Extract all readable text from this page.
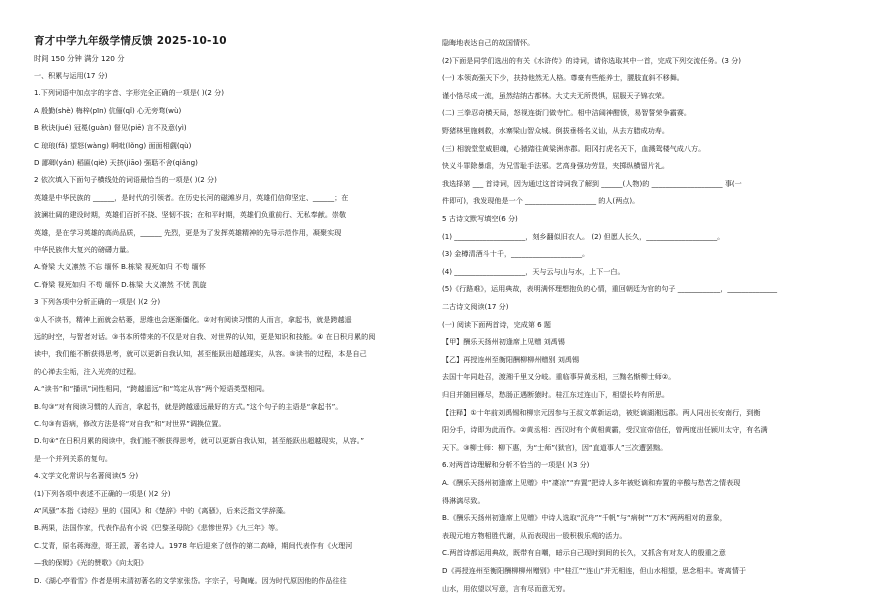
育才中学九年级学情反馈 2025-10-10
时间 150 分钟 满分 120 分
一、积累与运用(17 分)
1.下列词语中加点字的字音、字形完全正确的一项是( )(2 分)
A 殷勤(shè) 梅梓(pīn) 伉俪(qǐ) 心无旁骛(wù)
B 秋诀(jué) 冠冕(guàn) 督见(piē) 言不及意(yì)
C 琼琅(fǎ) 望怒(wàng) 啊吡(lǒng) 面面相觑(qù)
D 鄙卿(yán) 稻匾(qiè) 天挤(jiāo) 强聒不舍(qiǎng)
2 依次填入下面句子横线处的词语最恰当的一项是( )(2 分)
英雄是中华民族的 ______，是时代的引领者。在历史长河的磁滩岁月，英雄们信仰坚定、______；在
波澜壮阔的建设时期，英雄们百折不挠、坚韧不拔；在和平时期，英雄们负重前行、无私奉献。崇敬
英雄，是在学习英雄的高尚品质，______ 先烈，更是为了发挥英雄精神的先导示范作用，凝聚实现
中华民族伟大复兴的磅礴力量。
A.脊梁 大义凛然 不忘 缅怀 B.栋梁 视死如归 不苟 缅怀
C.脊梁 视死如归 不苟 缅怀 D.栋梁 大义凛然 不忧 凯旋
3 下列各项中分析正确的一项是( )(2 分)
①人不读书，精神上面就会枯萎，思维也会逐渐僵化。②对有阅读习惯的人而言，拿起书，就是跨越遥
远的时空，与智者对话。③书本所带来的不仅是对自我、对世界的认知，更是知识和技能。④ 在日积月累的阅
读中，我们能不断获得思考，就可以更新自我认知，甚至能跃出超越现实，从容。⑤读书的过程，本是自己
的心禅去尘垢，注入光亮的过程。
A.“读书”和“播讯”词性相同，“跨越遥远”和“笃定从容”两个短语类型相同。
B.句③“对有阅读习惯的人而言，拿起书，就是跨越遥远最好的方式。”这个句子的主语是“拿起书”。
C.句③有语病，修改方法是将“对自我”和“对世界”调换位置。
D.句④“在日积月累的阅读中，我们能不断获得思考，就可以更新自我认知，甚至能跃出超越现实，从容。”
是一个并列关系的复句。
4.文学文化常识与名著阅读(5 分)
(1)下列各项中表述不正确的一项是( )(2 分)
A“风骚”本指《诗经》里的《国风》和《楚辞》中的《离骚》，后来泛指文学辞藻。
B.两果，法国作家，代表作品有小说《巴黎圣母院》《悲惨世界》《九三年》等。
C.艾青，原名蒋海澄，哥王派，著名诗人。1978 年后迎来了创作的第二高峰，期间代表作有《火理河
—我的保姆》《光的赞歌》《向太阳》
D.《湖心亭看雪》作者是明末清初著名的文学家张岱。字宗子，号陶庵。因为时代原因他的作品往往
隐晦地表达自己的故国情怀。
(2)下面是同学们选出的有关《水浒传》的诗词，请你选取其中一首，完成下列交流任务。(3 分)
(一) 本领高强天下少，扶持他然无人格。尊豪有些能养士，腰肢直斜不移舞。
谨小恪尽成一流，虽然结纳古都林。大丈夫无所畏惧，屈服天子锦衣荣。
(二) 三拳忍奇横天局，怒视连街门做寺忙。相中洁阔神酣愤，易智誓荣争霸赛。
野猪林里施刺救，水寨梁山智众城。倒拔垂杨名义讪，从去方腊成功寿。
(三) 相貌堂堂威胆魂，心猿踏往黄粱洲赤郡。阳冈打虎名天下，血溅鸳楼气成八方。
快义斗罪除暴虐，为兄雪耻手法邪。艺高身强功劳显，夹掷纵横留片礼。
我选择第 ___ 首诗词，因为通过这首诗词我了解到 ______(人物)的 ____________________ 事(一
件即可)，我发现他是一个 ____________________ 的人(两点)。
5 古诗文默写填空(6 分)
(1) ____________________，刻乡翻似旧衣人。 (2) 但愿人长久，____________________。
(3) 金樽清酒斗十千，____________________。
(4) ____________________，天与云与山与水，上下一白。
(5)《行路难》，运用典故，表明满怀理想抱负的心情，重回朝廷为官的句子 ____________，______________
二古诗文阅读(17 分)
(一) 阅读下面两首诗，完成第 6 题
【甲】酬乐天扬州初逢席上见赠 刘禹锡
【乙】再授连州至衡阳酬柳柳州赠别 刘禹锡
去国十年同赴召，渡湘千里又分岐。重临事异黄丞相，三黜名惭柳士师②。
归目并随回雁尽，愁肠正遇断猿时。桂江东过连山下，相望长吟有所思。
【注释】①十年前刘禹锡和柳宗元因参与王叔文革新运动，被贬谪湖湘远郡。两人同出长安南行，到衡
阳分手，诗即为此而作。②黄丞相：西汉时有个黄相黄霸，受汉宣帝信任，曾两度出任颍川太守，有名满
天下。③柳士师：柳下惠，为“士师”(狱官)，因“直道事人”三次遭罢黜。
6.对两首诗理解和分析不恰当的一项是( )(3 分)
A.《酬乐天扬州初逢席上见赠》中“凄凉”“弃置”把诗人多年被贬谪和弃置的辛酸与愁苦之情表现
得淋漓尽致。
B.《酬乐天扬州初逢席上见赠》中诗人选取“沉舟”“千帆”与“病树”“万木”两两相对的意象，
表现元地方物相胜代谢，从而表现出一股积极乐观的活力。
C.两首诗都运用典故，既带有自嘲，暗示自己现时到间的长久，又抓含有对友人的殷重之意
D《再授连州至衡阳酬柳柳州赠别》中“桂江”“连山”并无相连，但山水相望，思念相丰。寄离情于
山水，用依望以写意，言有尽而意无穷。
